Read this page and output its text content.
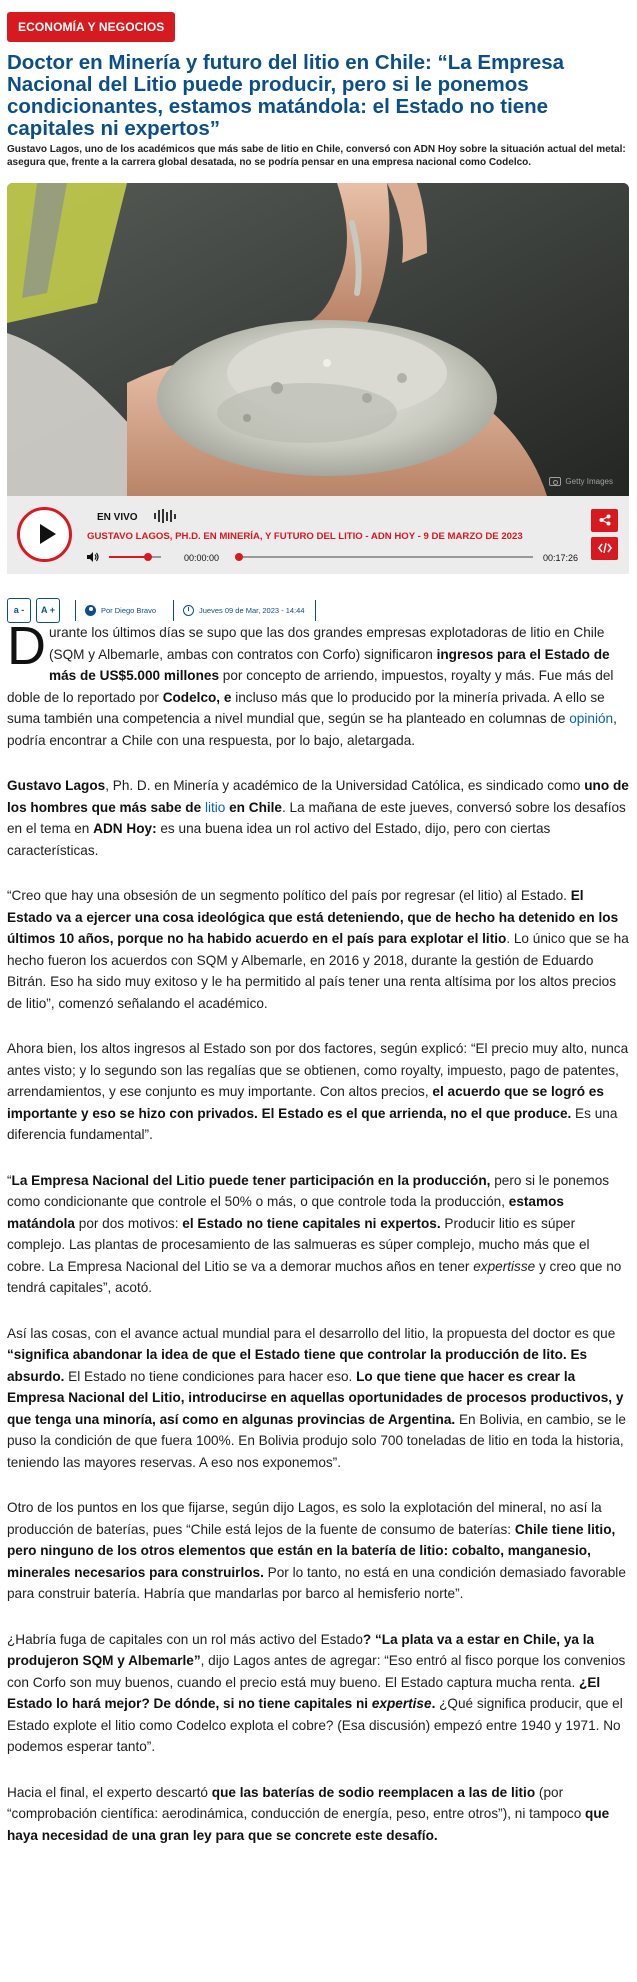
ECONOMÍA Y NEGOCIOS
Doctor en Minería y futuro del litio en Chile: “La Empresa Nacional del Litio puede producir, pero si le ponemos condicionantes, estamos matándola: el Estado no tiene capitales ni expertos”

Gustavo Lagos, uno de los académicos que más sabe de litio en Chile, conversó con ADN Hoy sobre la situación actual del metal: asegura que, frente a la carrera global desatada, no se podría pensar en una empresa nacional como Codelco.

Getty Images
EN VIVO
GUSTAVO LAGOS, PH.D. EN MINERÍA, Y FUTURO DEL LITIO - ADN HOY - 9 DE MARZO DE 2023
00:00:00	00:17:26
a -	A +	Por Diego Bravo	Jueves 09 de Mar, 2023 - 14:44

Durante los últimos días se supo que las dos grandes empresas explotadoras de litio en Chile (SQM y Albemarle, ambas con contratos con Corfo) significaron ingresos para el Estado de más de US$5.000 millones por concepto de arriendo, impuestos, royalty y más. Fue más del doble de lo reportado por Codelco, e incluso más que lo producido por la minería privada. A ello se suma también una competencia a nivel mundial que, según se ha planteado en columnas de opinión, podría encontrar a Chile con una respuesta, por lo bajo, aletargada.

Gustavo Lagos, Ph. D. en Minería y académico de la Universidad Católica, es sindicado como uno de los hombres que más sabe de litio en Chile. La mañana de este jueves, conversó sobre los desafíos en el tema en ADN Hoy: es una buena idea un rol activo del Estado, dijo, pero con ciertas características.

“Creo que hay una obsesión de un segmento político del país por regresar (el litio) al Estado. El Estado va a ejercer una cosa ideológica que está deteniendo, que de hecho ha detenido en los últimos 10 años, porque no ha habido acuerdo en el país para explotar el litio. Lo único que se ha hecho fueron los acuerdos con SQM y Albemarle, en 2016 y 2018, durante la gestión de Eduardo Bitrán. Eso ha sido muy exitoso y le ha permitido al país tener una renta altísima por los altos precios de litio”, comenzó señalando el académico.

Ahora bien, los altos ingresos al Estado son por dos factores, según explicó: “El precio muy alto, nunca antes visto; y lo segundo son las regalías que se obtienen, como royalty, impuesto, pago de patentes, arrendamientos, y ese conjunto es muy importante. Con altos precios, el acuerdo que se logró es importante y eso se hizo con privados. El Estado es el que arrienda, no el que produce. Es una diferencia fundamental”.

“La Empresa Nacional del Litio puede tener participación en la producción, pero si le ponemos como condicionante que controle el 50% o más, o que controle toda la producción, estamos matándola por dos motivos: el Estado no tiene capitales ni expertos. Producir litio es súper complejo. Las plantas de procesamiento de las salmueras es súper complejo, mucho más que el cobre. La Empresa Nacional del Litio se va a demorar muchos años en tener expertisse y creo que no tendrá capitales”, acotó.

Así las cosas, con el avance actual mundial para el desarrollo del litio, la propuesta del doctor es que “significa abandonar la idea de que el Estado tiene que controlar la producción de lito. Es absurdo. El Estado no tiene condiciones para hacer eso. Lo que tiene que hacer es crear la Empresa Nacional del Litio, introducirse en aquellas oportunidades de procesos productivos, y que tenga una minoría, así como en algunas provincias de Argentina. En Bolivia, en cambio, se le puso la condición de que fuera 100%. En Bolivia produjo solo 700 toneladas de litio en toda la historia, teniendo las mayores reservas. A eso nos exponemos”.

Otro de los puntos en los que fijarse, según dijo Lagos, es solo la explotación del mineral, no así la producción de baterías, pues “Chile está lejos de la fuente de consumo de baterías: Chile tiene litio, pero ninguno de los otros elementos que están en la batería de litio: cobalto, manganesio, minerales necesarios para construirlos. Por lo tanto, no está en una condición demasiado favorable para construir batería. Habría que mandarlas por barco al hemisferio norte”.

¿Habría fuga de capitales con un rol más activo del Estado? “La plata va a estar en Chile, ya la produjeron SQM y Albemarle”, dijo Lagos antes de agregar: “Eso entró al fisco porque los convenios con Corfo son muy buenos, cuando el precio está muy bueno. El Estado captura mucha renta. ¿El Estado lo hará mejor? De dónde, si no tiene capitales ni expertise. ¿Qué significa producir, que el Estado explote el litio como Codelco explota el cobre? (Esa discusión) empezó entre 1940 y 1971. No podemos esperar tanto”.

Hacia el final, el experto descartó que las baterías de sodio reemplacen a las de litio (por “comprobación científica: aerodinámica, conducción de energía, peso, entre otros”), ni tampoco que haya necesidad de una gran ley para que se concrete este desafío.
